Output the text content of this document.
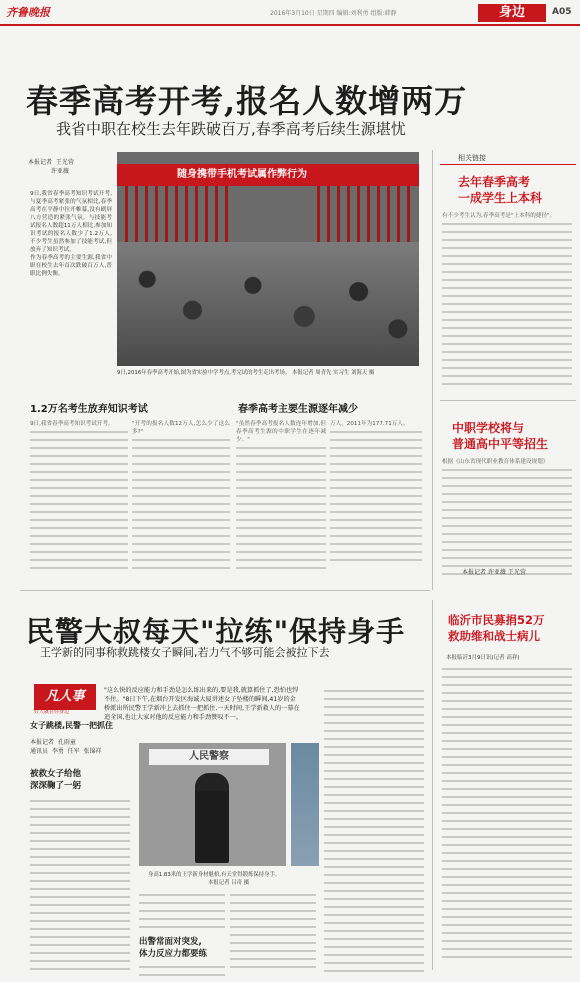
齐鲁晚报	2016年3月10日 星期四 编辑:刘利勇 组版:韩静	身边	A05
春季高考开考,报名人数增两万
我省中职在校生去年跌破百万,春季高考后续生源堪忧
本报记者  王光营
许亚薇
9日,我省春季高考知识考试开考,与夏季高考紧张的气氛相比,春季高考在平静中拉开帷幕,没有刷屏八方营造的紧张气氛。与技能考试报名人数超11万人相比,参加知识考试的报名人数少了1.2万人,不少考生虽然参加了技能考试,但放弃了知识考试。
作为春季高考的主要生源,我省中职在校生去年首次跌破百万人,普职比例失衡。
随身携带手机考试属作弊行为
9日,2016年春季高考开始,图为省实验中学考点,考完试的考生走出考场。 本报记者 周青先 实习生 刘海天 摄
1.2万名考生放弃知识考试	春季高考主要生源逐年减少
9日,我省春季高考知识考试开考。	"开考的报名人数12万人,怎么少了这么多?"
"虽然春季高考报名人数连年增加,但春季高考生源的中职学生在逐年减少。"
万人。2011年为177.71万人。
相关链接
去年春季高考
一成学生上本科
有不少考生认为,春季高考是"上本科的捷径"。
中职学校将与
普通高中平等招生
根据《山东省现代职业教育体系建设规划》
本报记者 许亚薇 王光营
民警大叔每天"拉练"保持身手
王学新的同事称救跳楼女子瞬间,若力气不够可能会被拉下去
凡人事
好人就在你身边
女子跳楼,民警一把抓住
"这么快的反应能力和手劲是怎么练出来的,要是我,就算抓住了,恐怕也悍不住。"8日下午,在烟台开发区海诚大厦讲述女子坠楼的瞬间,41岁的金桥派出所民警王学新冲上去抓住一把抓住,一天时间,王学新救人的一幕在追全国,也让大家对他的反应能力和手劲赞叹不一。
本报记者  孔雨童
通讯员  李勇  任军  张锦祥
被救女子给他
深深鞠了一躬
人民警察
身高1.83米的王学新身材魁梧,有天堂得锻炼保持身手。
本报记者 吕奇 摄
出警常面对突发,
体力反应力都要练
临沂市民募捐52万
救助维和战士病儿
本报临沂3月9日讯(记者 高祥)
